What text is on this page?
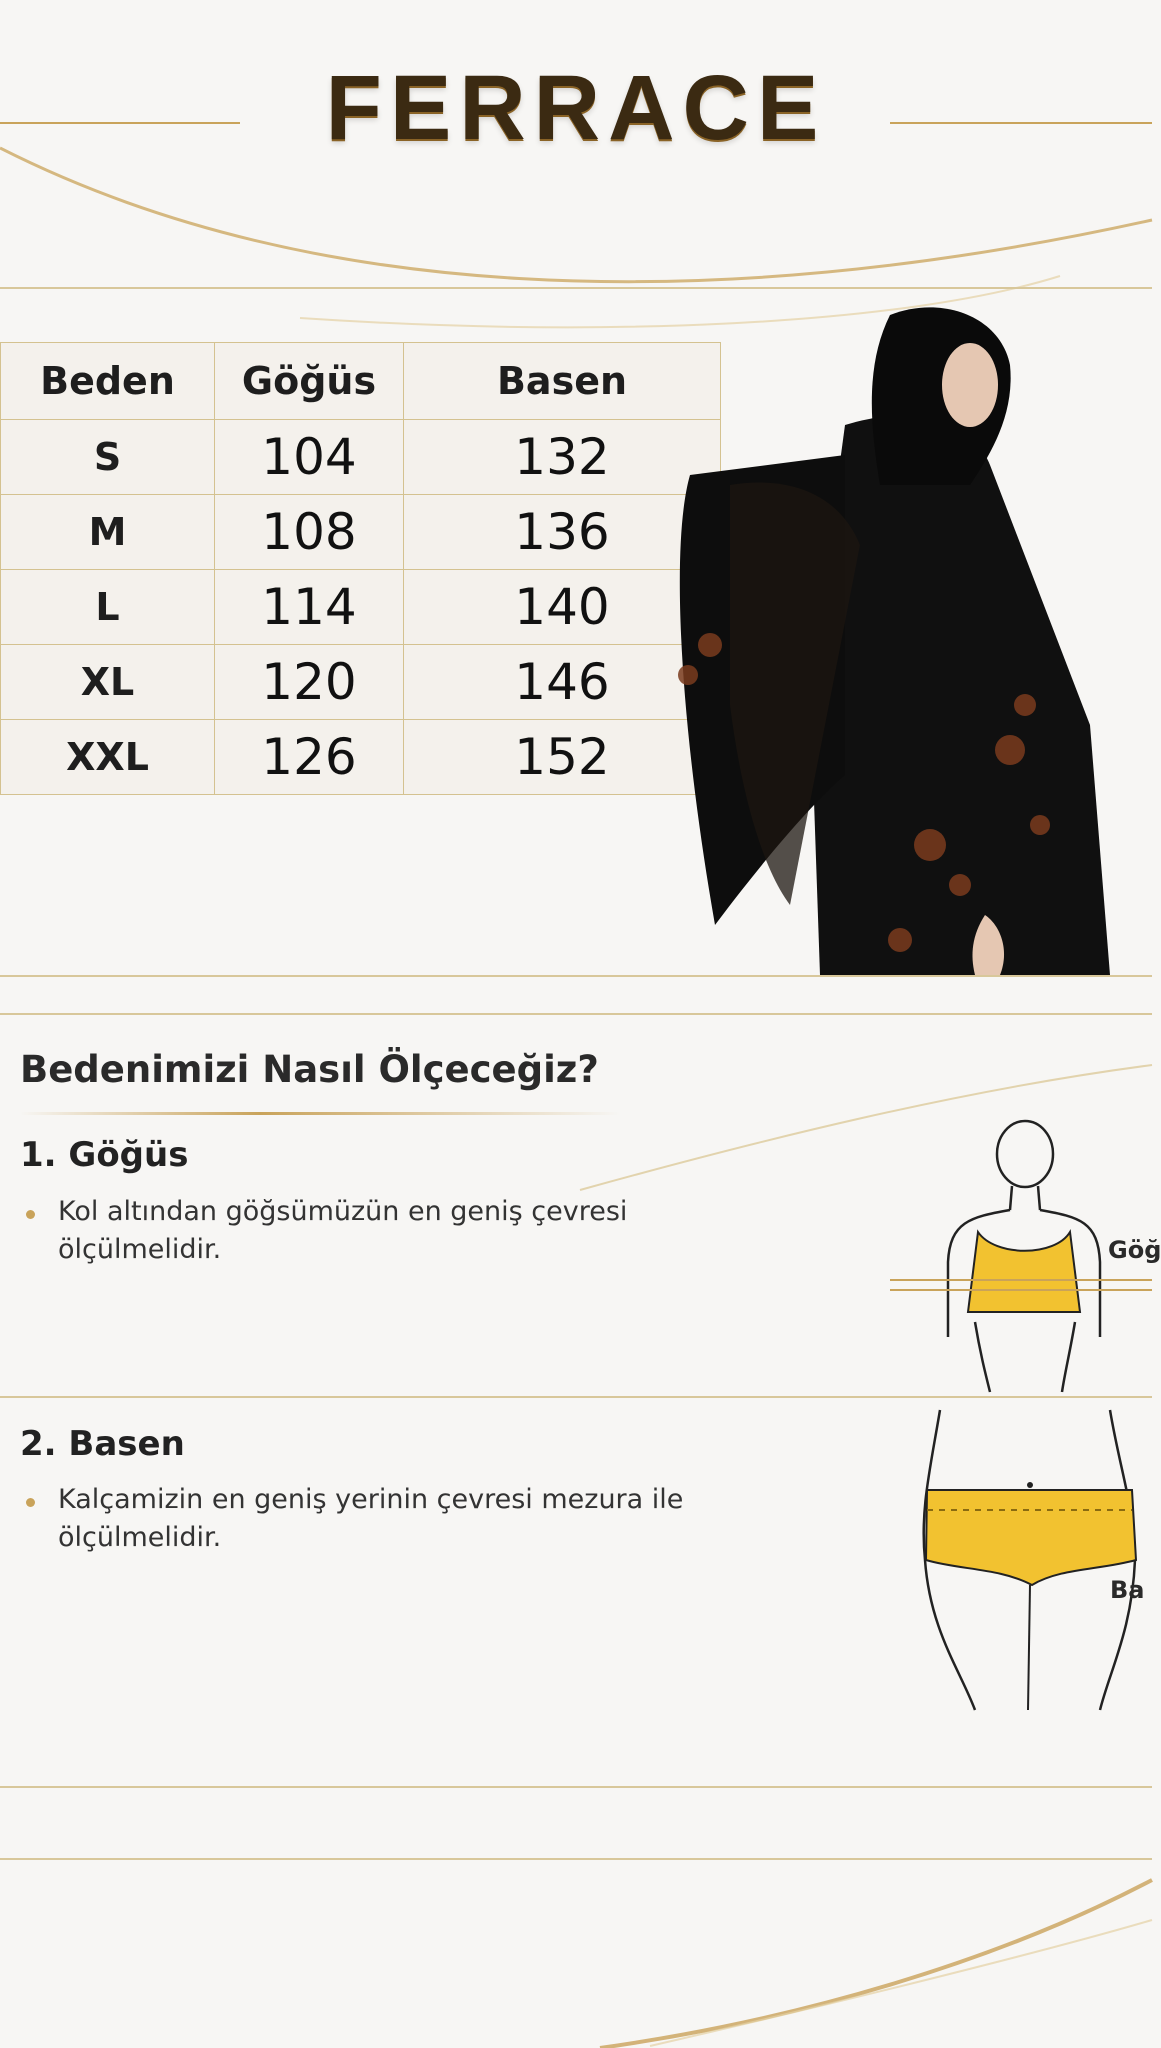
FERRACE
Beden	Göğüs	Basen
S	104	132
M	108	136
L	114	140
XL	120	146
XXL	126	152
Bedenimizi Nasıl Ölçeceğiz?
1. Göğüs
Kol altından göğsümüzün en geniş çevresi ölçülmelidir.	Göğ
2. Basen
Kalçamizin en geniş yerinin çevresi mezura ile ölçülmelidir.
Ba
